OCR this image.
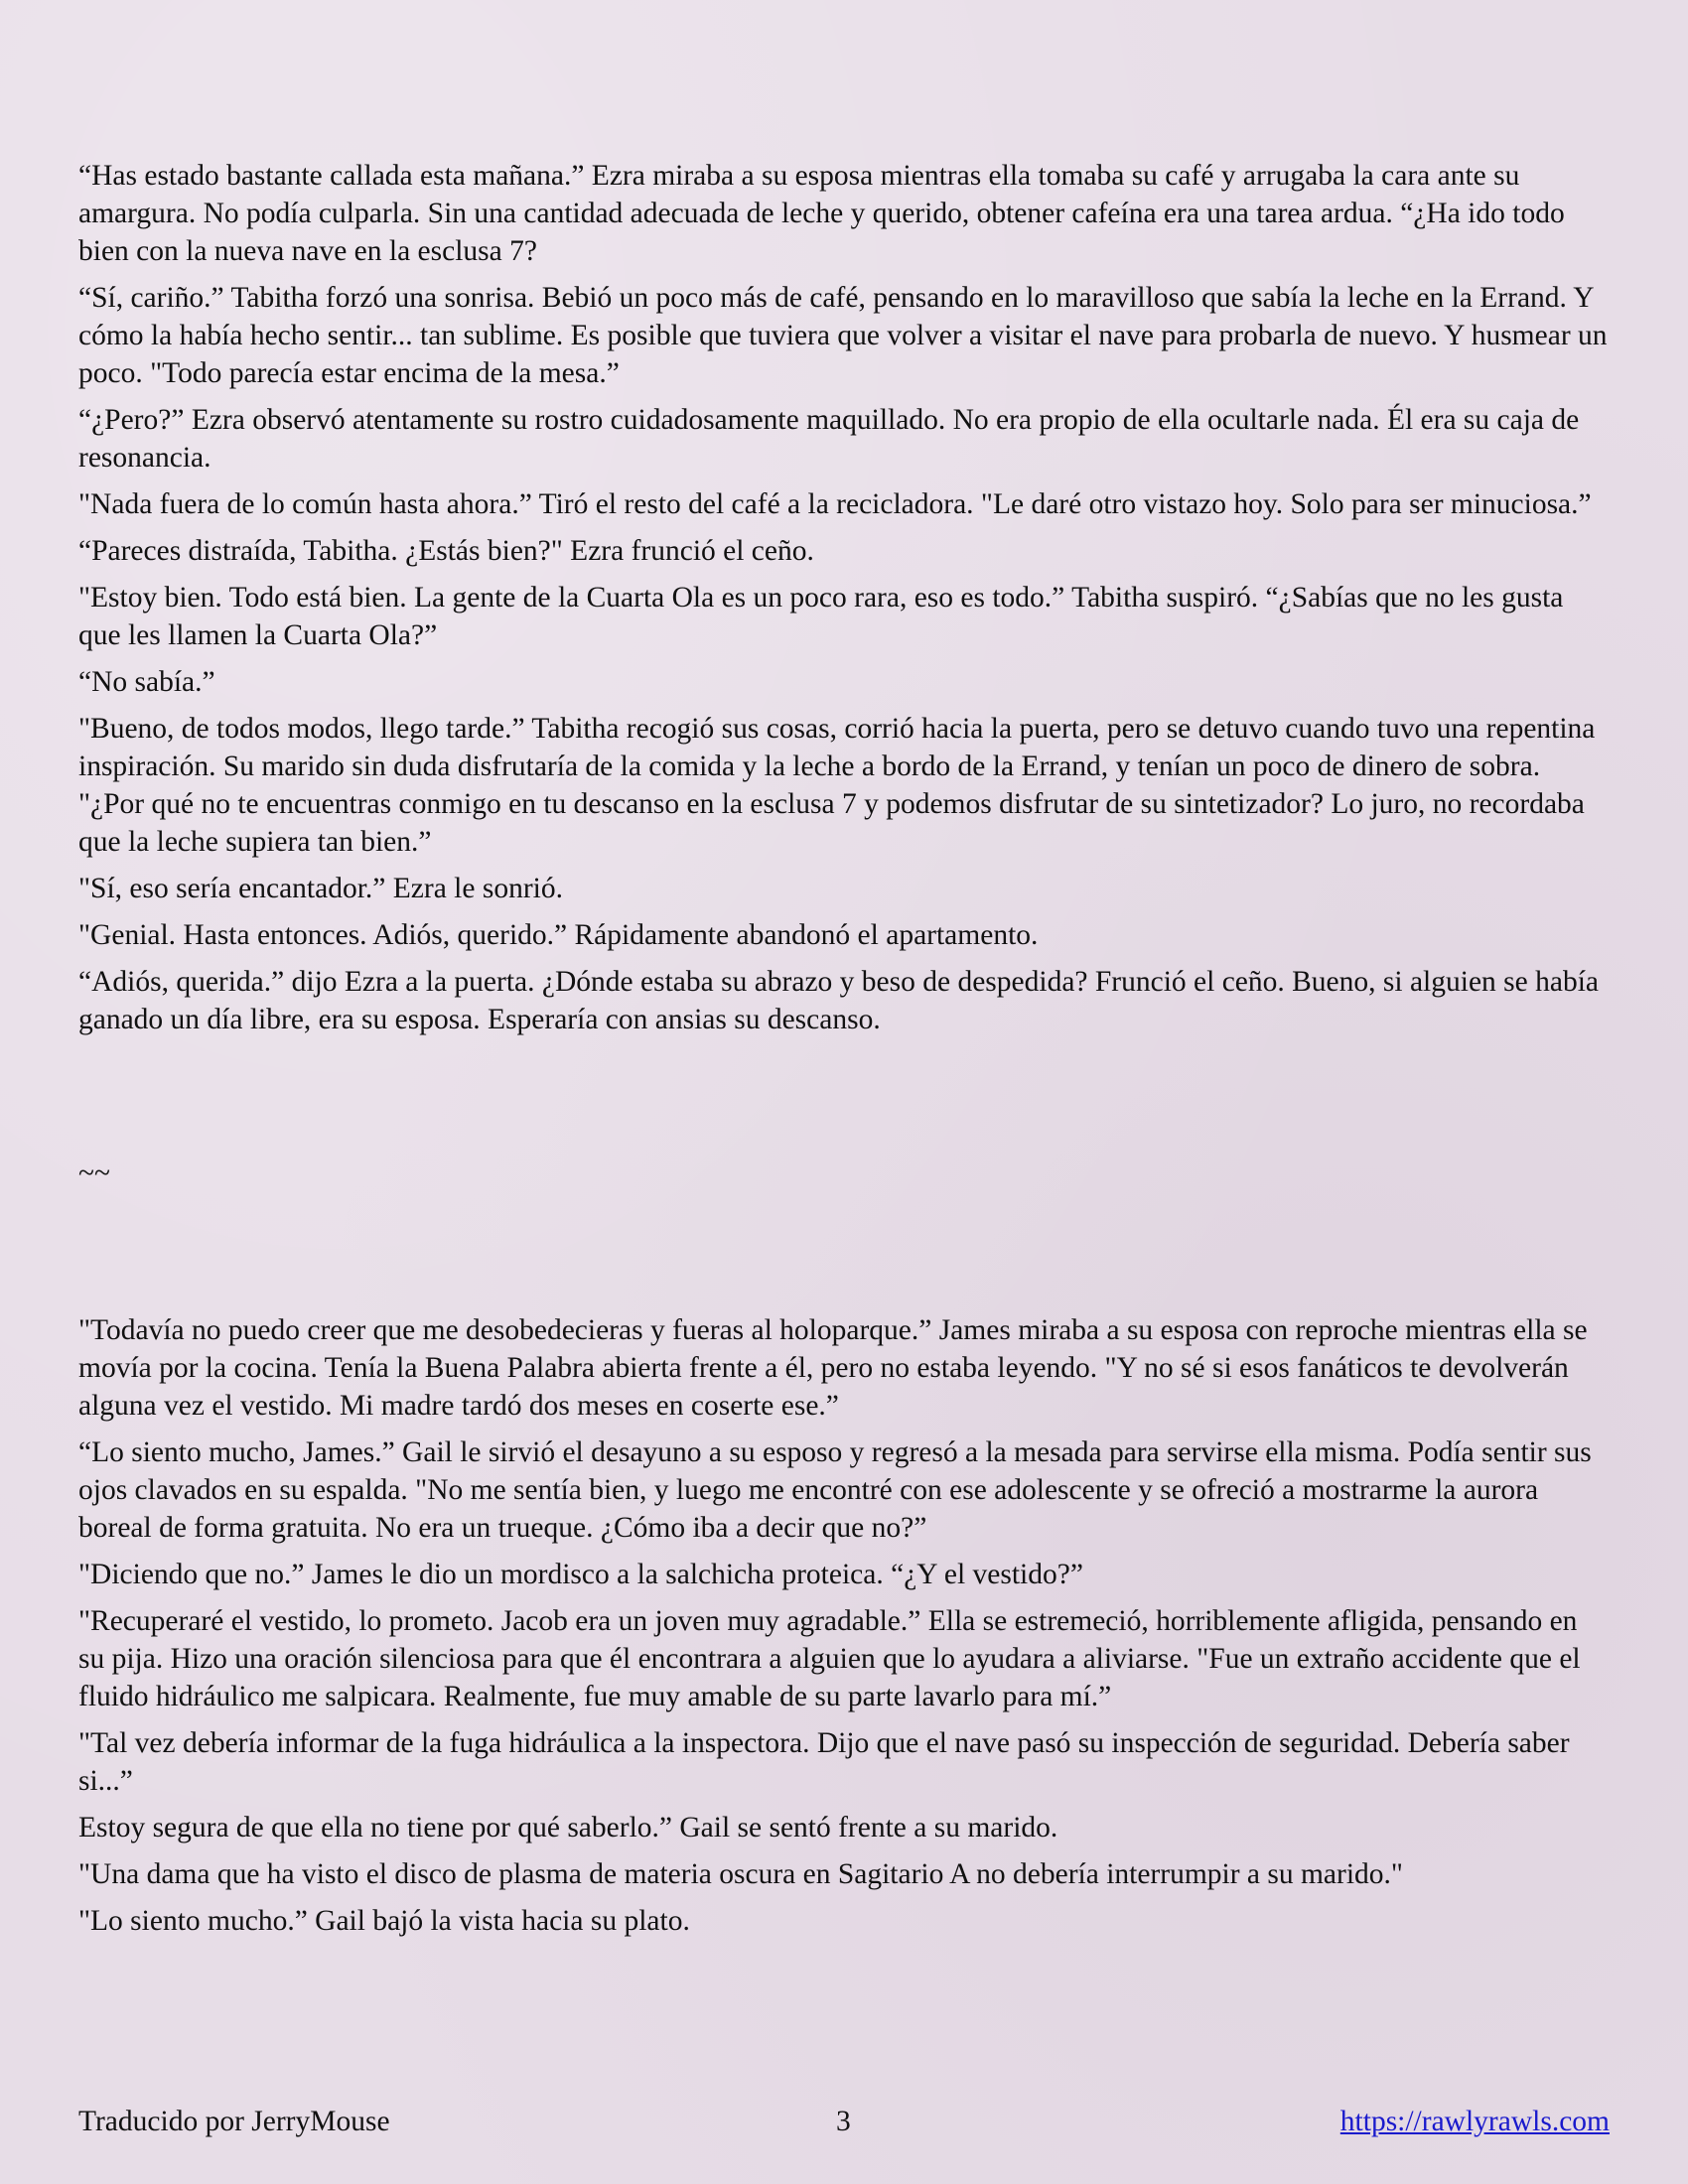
“Has estado bastante callada esta mañana.” Ezra miraba a su esposa mientras ella tomaba su café y arrugaba la cara ante su amargura. No podía culparla. Sin una cantidad adecuada de leche y querido, obtener cafeína era una tarea ardua. “¿Ha ido todo bien con la nueva nave en la esclusa 7?

“Sí, cariño.” Tabitha forzó una sonrisa. Bebió un poco más de café, pensando en lo maravilloso que sabía la leche en la Errand. Y cómo la había hecho sentir... tan sublime. Es posible que tuviera que volver a visitar el nave para probarla de nuevo. Y husmear un poco. "Todo parecía estar encima de la mesa.”

“¿Pero?” Ezra observó atentamente su rostro cuidadosamente maquillado. No era propio de ella ocultarle nada. Él era su caja de resonancia.

"Nada fuera de lo común hasta ahora.” Tiró el resto del café a la recicladora. "Le daré otro vistazo hoy. Solo para ser minuciosa.”

“Pareces distraída, Tabitha. ¿Estás bien?" Ezra frunció el ceño.

"Estoy bien. Todo está bien. La gente de la Cuarta Ola es un poco rara, eso es todo.” Tabitha suspiró. “¿Sabías que no les gusta que les llamen la Cuarta Ola?”

“No sabía.”

"Bueno, de todos modos, llego tarde.” Tabitha recogió sus cosas, corrió hacia la puerta, pero se detuvo cuando tuvo una repentina inspiración. Su marido sin duda disfrutaría de la comida y la leche a bordo de la Errand, y tenían un poco de dinero de sobra. "¿Por qué no te encuentras conmigo en tu descanso en la esclusa 7 y podemos disfrutar de su sintetizador? Lo juro, no recordaba que la leche supiera tan bien.”

"Sí, eso sería encantador.” Ezra le sonrió.

"Genial. Hasta entonces. Adiós, querido.” Rápidamente abandonó el apartamento.

“Adiós, querida.” dijo Ezra a la puerta. ¿Dónde estaba su abrazo y beso de despedida? Frunció el ceño. Bueno, si alguien se había ganado un día libre, era su esposa. Esperaría con ansias su descanso.

~~

"Todavía no puedo creer que me desobedecieras y fueras al holoparque.” James miraba a su esposa con reproche mientras ella se movía por la cocina. Tenía la Buena Palabra abierta frente a él, pero no estaba leyendo. "Y no sé si esos fanáticos te devolverán alguna vez el vestido. Mi madre tardó dos meses en coserte ese.”

“Lo siento mucho, James.” Gail le sirvió el desayuno a su esposo y regresó a la mesada para servirse ella misma. Podía sentir sus ojos clavados en su espalda. "No me sentía bien, y luego me encontré con ese adolescente y se ofreció a mostrarme la aurora boreal de forma gratuita. No era un trueque. ¿Cómo iba a decir que no?”

"Diciendo que no.” James le dio un mordisco a la salchicha proteica. “¿Y el vestido?”

"Recuperaré el vestido, lo prometo. Jacob era un joven muy agradable.” Ella se estremeció, horriblemente afligida, pensando en su pija. Hizo una oración silenciosa para que él encontrara a alguien que lo ayudara a aliviarse. "Fue un extraño accidente que el fluido hidráulico me salpicara. Realmente, fue muy amable de su parte lavarlo para mí.”

"Tal vez debería informar de la fuga hidráulica a la inspectora. Dijo que el nave pasó su inspección de seguridad. Debería saber si...”

Estoy segura de que ella no tiene por qué saberlo.” Gail se sentó frente a su marido.

"Una dama que ha visto el disco de plasma de materia oscura en Sagitario A no debería interrumpir a su marido."

"Lo siento mucho.” Gail bajó la vista hacia su plato.

Traducido por JerryMouse	3	https://rawlyrawls.com
